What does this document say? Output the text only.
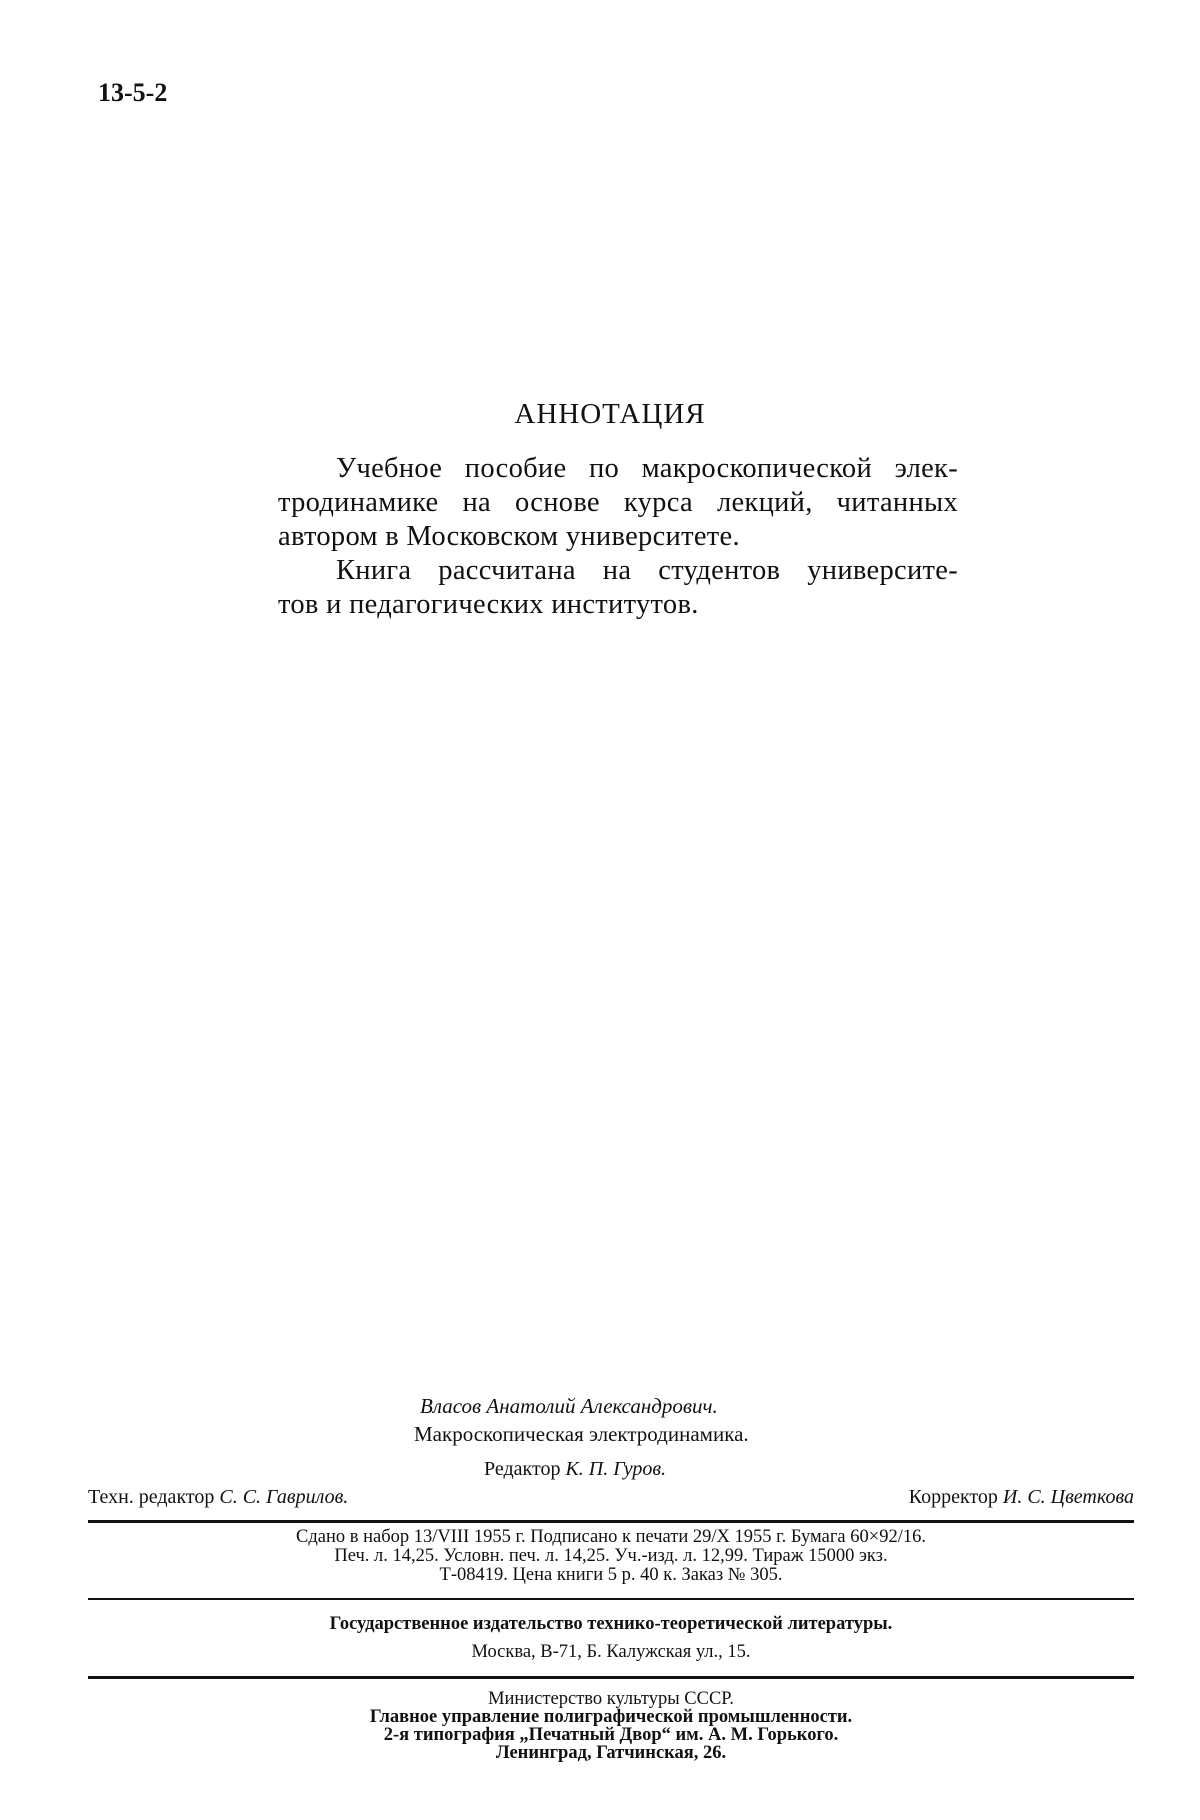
13-5-2
АННОТАЦИЯ
Учебное пособие по макроскопической элек-
тродинамике на основе курса лекций, читанных
автором в Московском университете.
Книга рассчитана на студентов университе-
тов и педагогических институтов.
Власов Анатолий Александрович.
Макроскопическая электродинамика.
Техн. редактор С. С. Гаврилов.
Редактор К. П. Гуров.
Корректор И. С. Цветкова
Сдано в набор 13/VIII 1955 г. Подписано к печати 29/X 1955 г. Бумага 60×92/16.
Печ. л. 14,25. Условн. печ. л. 14,25. Уч.-изд. л. 12,99. Тираж 15000 экз.
Т-08419. Цена книги 5 р. 40 к. Заказ № 305.
Государственное издательство технико-теоретической литературы.
Москва, В-71, Б. Калужская ул., 15.
Министерство культуры СССР.
Главное управление полиграфической промышленности.
2-я типография „Печатный Двор“ им. А. М. Горького.
Ленинград, Гатчинская, 26.
